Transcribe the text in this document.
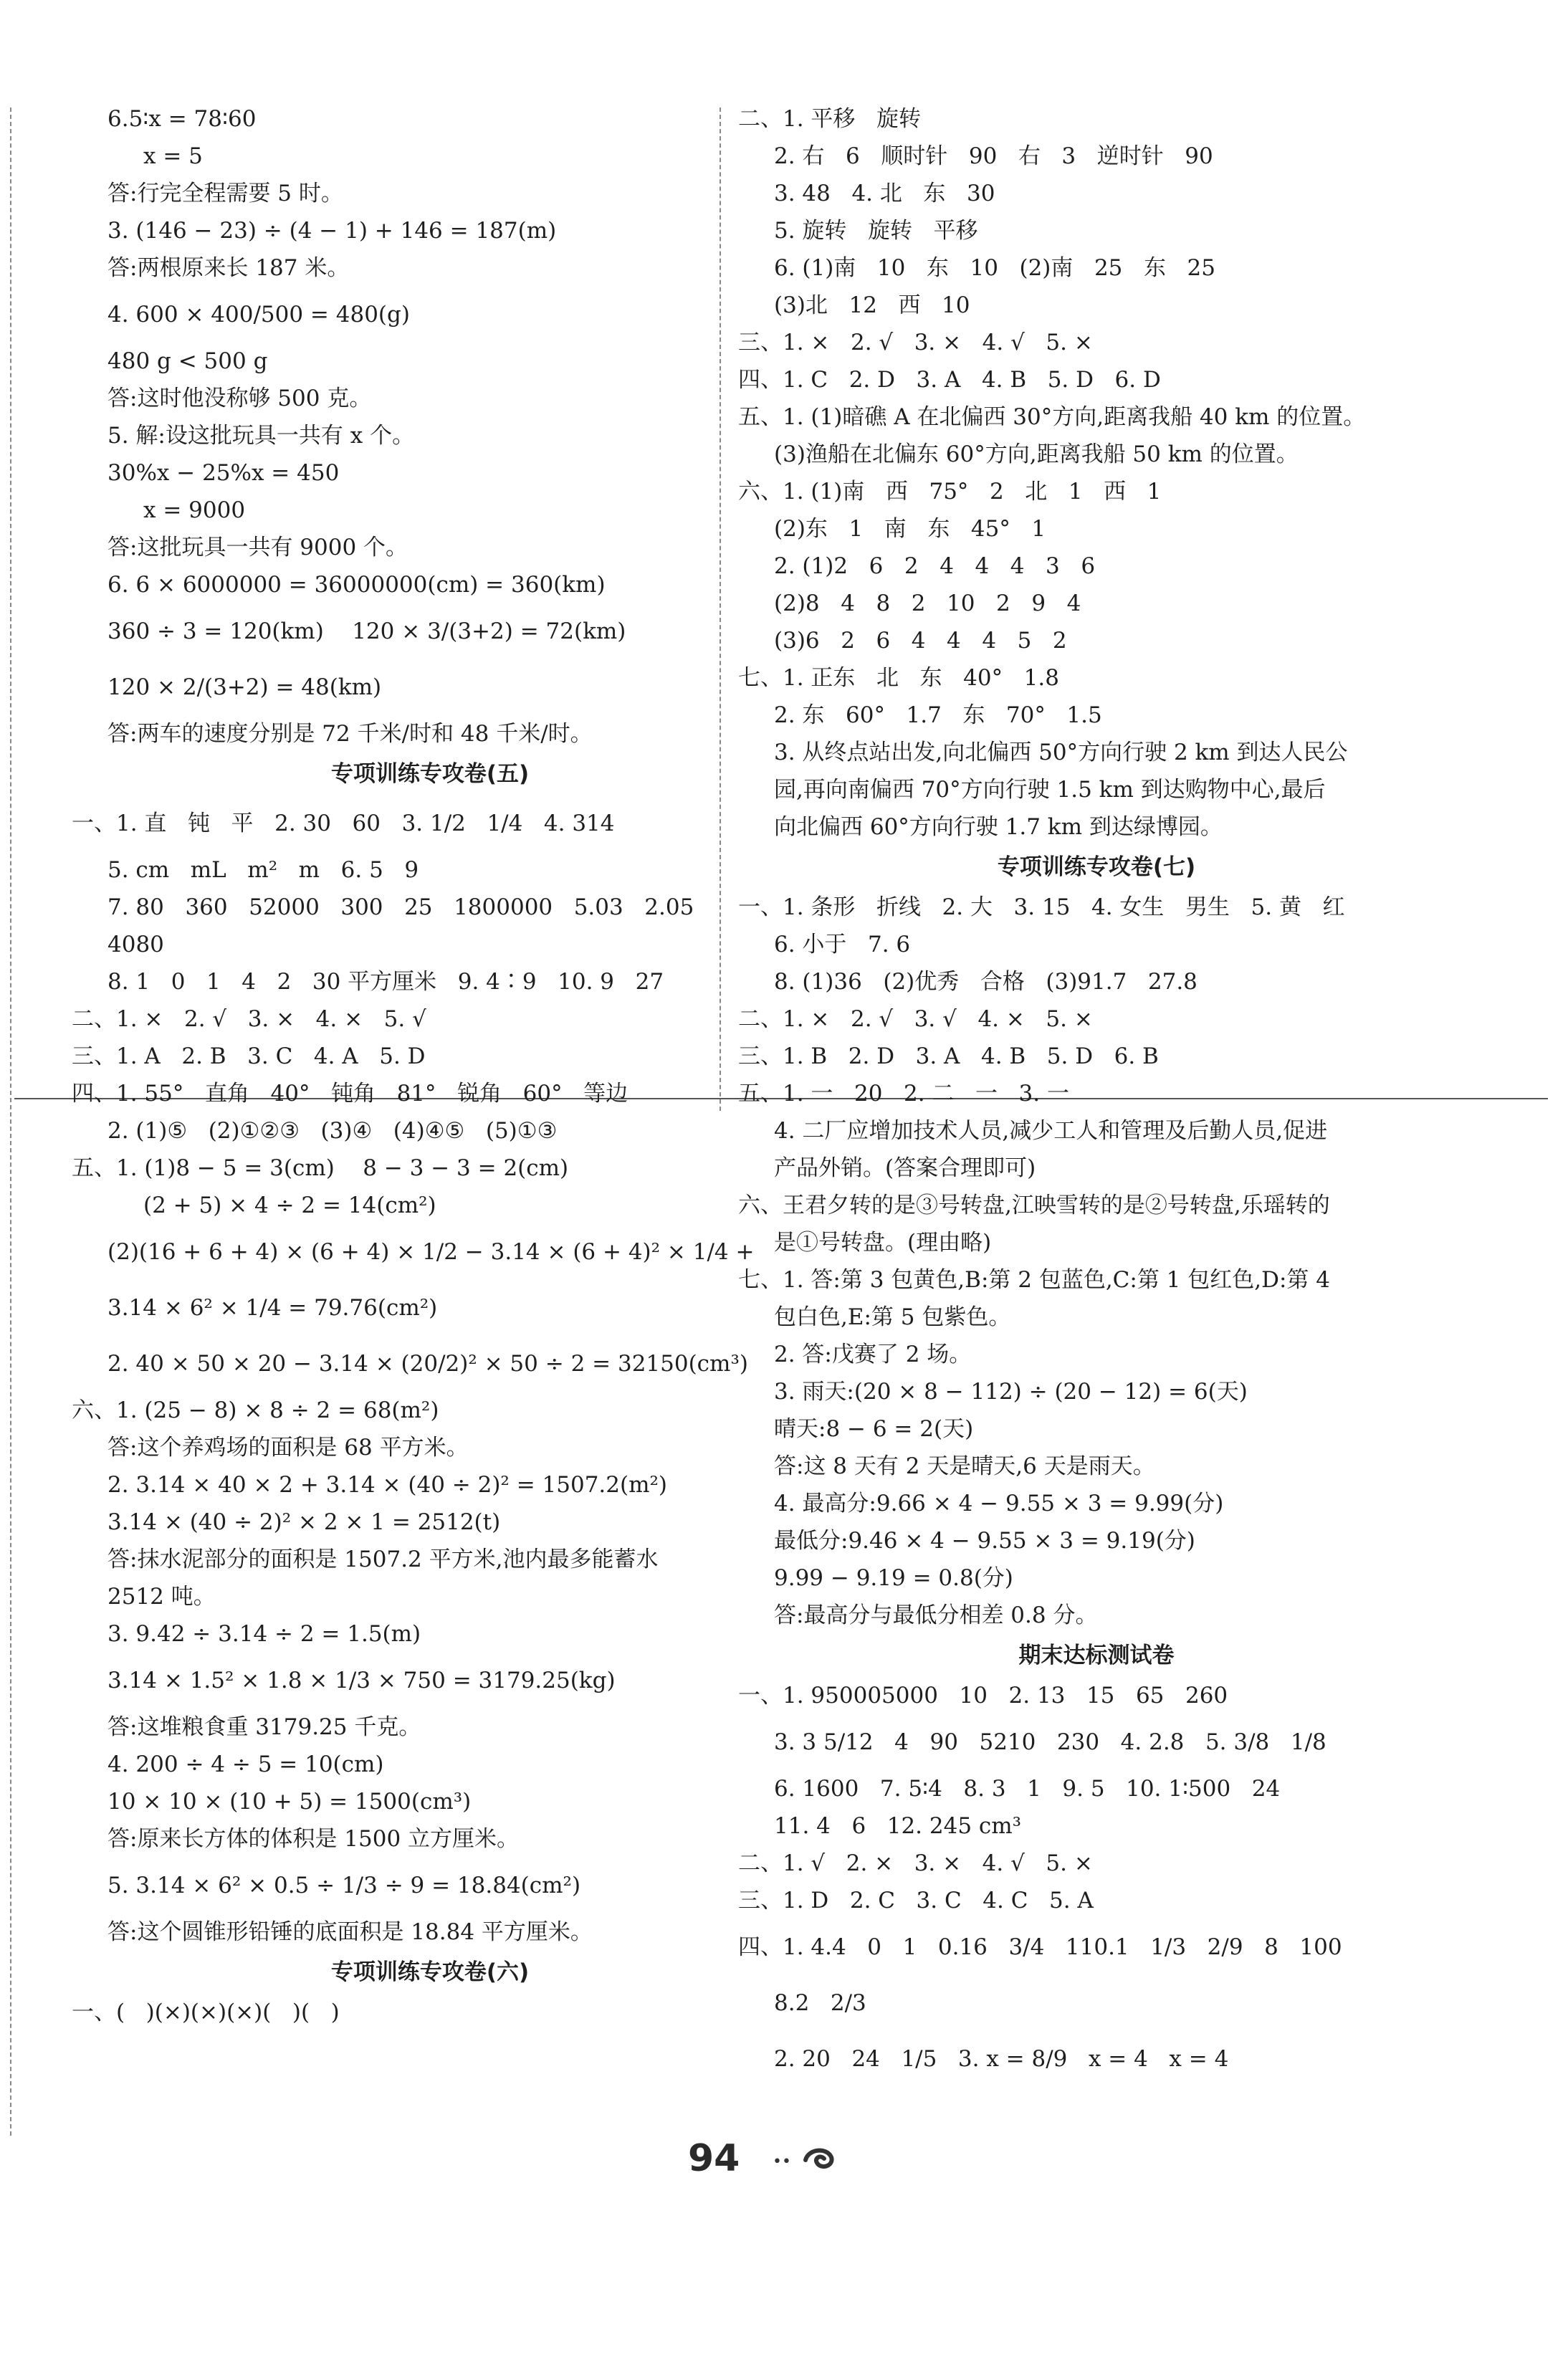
6.5∶x = 78∶60
x = 5
答:行完全程需要 5 时。
3. (146 − 23) ÷ (4 − 1) + 146 = 187(m)
答:两根原来长 187 米。
4. 600 × 400/500 = 480(g)
480 g < 500 g
答:这时他没称够 500 克。
5. 解:设这批玩具一共有 x 个。
30%x − 25%x = 450
x = 9000
答:这批玩具一共有 9000 个。
6. 6 × 6000000 = 36000000(cm) = 360(km)
360 ÷ 3 = 120(km)    120 × 3/(3+2) = 72(km)
120 × 2/(3+2) = 48(km)
答:两车的速度分别是 72 千米/时和 48 千米/时。
专项训练专攻卷(五)
一、1. 直   钝   平   2. 30   60   3. 1/2   1/4   4. 314
5. cm   mL   m²   m   6. 5   9
7. 80   360   52000   300   25   1800000   5.03   2.05
4080
8. 1   0   1   4   2   30 平方厘米   9. 4∶9   10. 9   27
二、1. ×   2. √   3. ×   4. ×   5. √
三、1. A   2. B   3. C   4. A   5. D
四、1. 55°   直角   40°   钝角   81°   锐角   60°   等边
2. (1)⑤   (2)①②③   (3)④   (4)④⑤   (5)①③
五、1. (1)8 − 5 = 3(cm)    8 − 3 − 3 = 2(cm)
(2 + 5) × 4 ÷ 2 = 14(cm²)
(2)(16 + 6 + 4) × (6 + 4) × 1/2 − 3.14 × (6 + 4)² × 1/4 +
3.14 × 6² × 1/4 = 79.76(cm²)
2. 40 × 50 × 20 − 3.14 × (20/2)² × 50 ÷ 2 = 32150(cm³)
六、1. (25 − 8) × 8 ÷ 2 = 68(m²)
答:这个养鸡场的面积是 68 平方米。
2. 3.14 × 40 × 2 + 3.14 × (40 ÷ 2)² = 1507.2(m²)
3.14 × (40 ÷ 2)² × 2 × 1 = 2512(t)
答:抹水泥部分的面积是 1507.2 平方米,池内最多能蓄水
2512 吨。
3. 9.42 ÷ 3.14 ÷ 2 = 1.5(m)
3.14 × 1.5² × 1.8 × 1/3 × 750 = 3179.25(kg)
答:这堆粮食重 3179.25 千克。
4. 200 ÷ 4 ÷ 5 = 10(cm)
10 × 10 × (10 + 5) = 1500(cm³)
答:原来长方体的体积是 1500 立方厘米。
5. 3.14 × 6² × 0.5 ÷ 1/3 ÷ 9 = 18.84(cm²)
答:这个圆锥形铅锤的底面积是 18.84 平方厘米。
专项训练专攻卷(六)
一、(   )(×)(×)(×)(   )(   )
二、1. 平移   旋转
2. 右   6   顺时针   90   右   3   逆时针   90
3. 48   4. 北   东   30
5. 旋转   旋转   平移
6. (1)南   10   东   10   (2)南   25   东   25
(3)北   12   西   10
三、1. ×   2. √   3. ×   4. √   5. ×
四、1. C   2. D   3. A   4. B   5. D   6. D
五、1. (1)暗礁 A 在北偏西 30°方向,距离我船 40 km 的位置。
(3)渔船在北偏东 60°方向,距离我船 50 km 的位置。
六、1. (1)南   西   75°   2   北   1   西   1
(2)东   1   南   东   45°   1
2. (1)2   6   2   4   4   4   3   6
(2)8   4   8   2   10   2   9   4
(3)6   2   6   4   4   4   5   2
七、1. 正东   北   东   40°   1.8
2. 东   60°   1.7   东   70°   1.5
3. 从终点站出发,向北偏西 50°方向行驶 2 km 到达人民公
园,再向南偏西 70°方向行驶 1.5 km 到达购物中心,最后
向北偏西 60°方向行驶 1.7 km 到达绿博园。
专项训练专攻卷(七)
一、1. 条形   折线   2. 大   3. 15   4. 女生   男生   5. 黄   红
6. 小于   7. 6
8. (1)36   (2)优秀   合格   (3)91.7   27.8
二、1. ×   2. √   3. √   4. ×   5. ×
三、1. B   2. D   3. A   4. B   5. D   6. B
五、1. 一   20   2. 二   一   3. 一
4. 二厂应增加技术人员,减少工人和管理及后勤人员,促进
产品外销。(答案合理即可)
六、王君夕转的是③号转盘,江映雪转的是②号转盘,乐瑶转的
是①号转盘。(理由略)
七、1. 答:第 3 包黄色,B:第 2 包蓝色,C:第 1 包红色,D:第 4
包白色,E:第 5 包紫色。
2. 答:戊赛了 2 场。
3. 雨天:(20 × 8 − 112) ÷ (20 − 12) = 6(天)
晴天:8 − 6 = 2(天)
答:这 8 天有 2 天是晴天,6 天是雨天。
4. 最高分:9.66 × 4 − 9.55 × 3 = 9.99(分)
最低分:9.46 × 4 − 9.55 × 3 = 9.19(分)
9.99 − 9.19 = 0.8(分)
答:最高分与最低分相差 0.8 分。
期末达标测试卷
一、1. 950005000   10   2. 13   15   65   260
3. 3 5/12   4   90   5210   230   4. 2.8   5. 3/8   1/8
6. 1600   7. 5∶4   8. 3   1   9. 5   10. 1∶500   24
11. 4   6   12. 245 cm³
二、1. √   2. ×   3. ×   4. √   5. ×
三、1. D   2. C   3. C   4. C   5. A
四、1. 4.4   0   1   0.16   3/4   110.1   1/3   2/9   8   100
8.2   2/3
2. 20   24   1/5   3. x = 8/9   x = 4   x = 4
94	••
